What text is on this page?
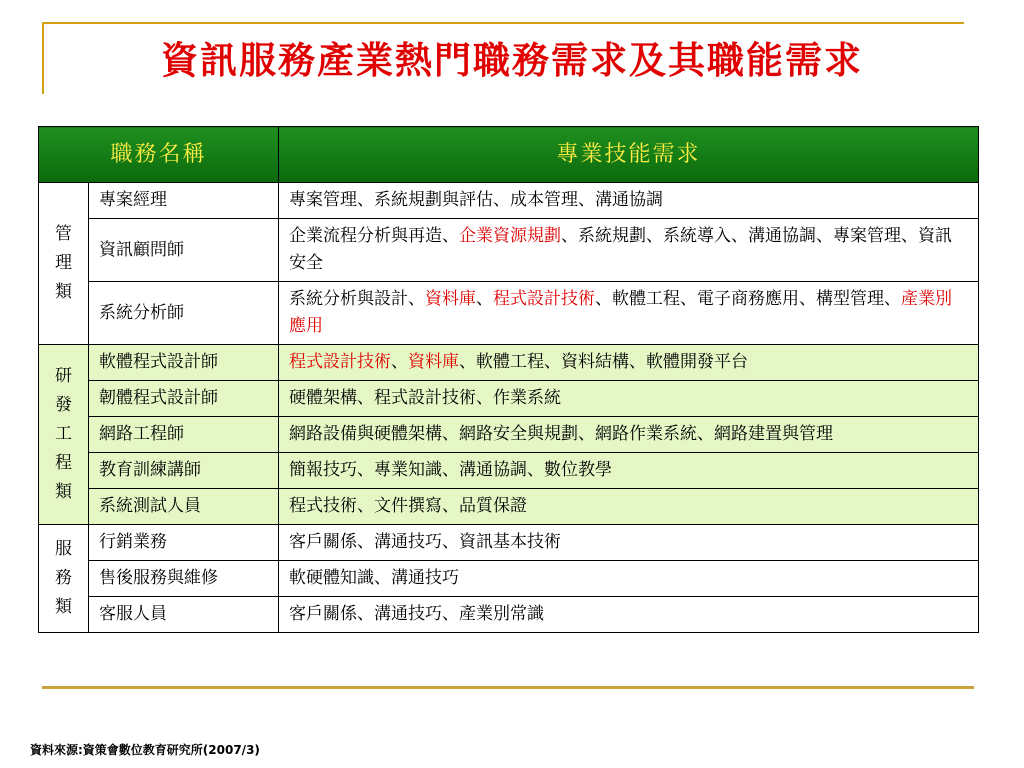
資訊服務產業熱門職務需求及其職能需求
職務名稱		專業技能需求

管
理
類	專案經理	專案管理、系統規劃與評估、成本管理、溝通協調
	資訊顧問師	企業流程分析與再造、企業資源規劃、系統規劃、系統導入、溝通協調、專案管理、資訊安全
	系統分析師	系統分析與設計、資料庫、程式設計技術、軟體工程、電子商務應用、構型管理、產業別應用

研
發
工
程
類	軟體程式設計師	程式設計技術、資料庫、軟體工程、資料結構、軟體開發平台
	韌體程式設計師	硬體架構、程式設計技術、作業系統
	網路工程師	網路設備與硬體架構、網路安全與規劃、網路作業系統、網路建置與管理
	教育訓練講師	簡報技巧、專業知識、溝通協調、數位教學
	系統測試人員	程式技術、文件撰寫、品質保證

服
務
類	行銷業務	客戶關係、溝通技巧、資訊基本技術
	售後服務與維修	軟硬體知識、溝通技巧
	客服人員	客戶關係、溝通技巧、產業別常識
資料來源:資策會數位教育研究所(2007/3)
